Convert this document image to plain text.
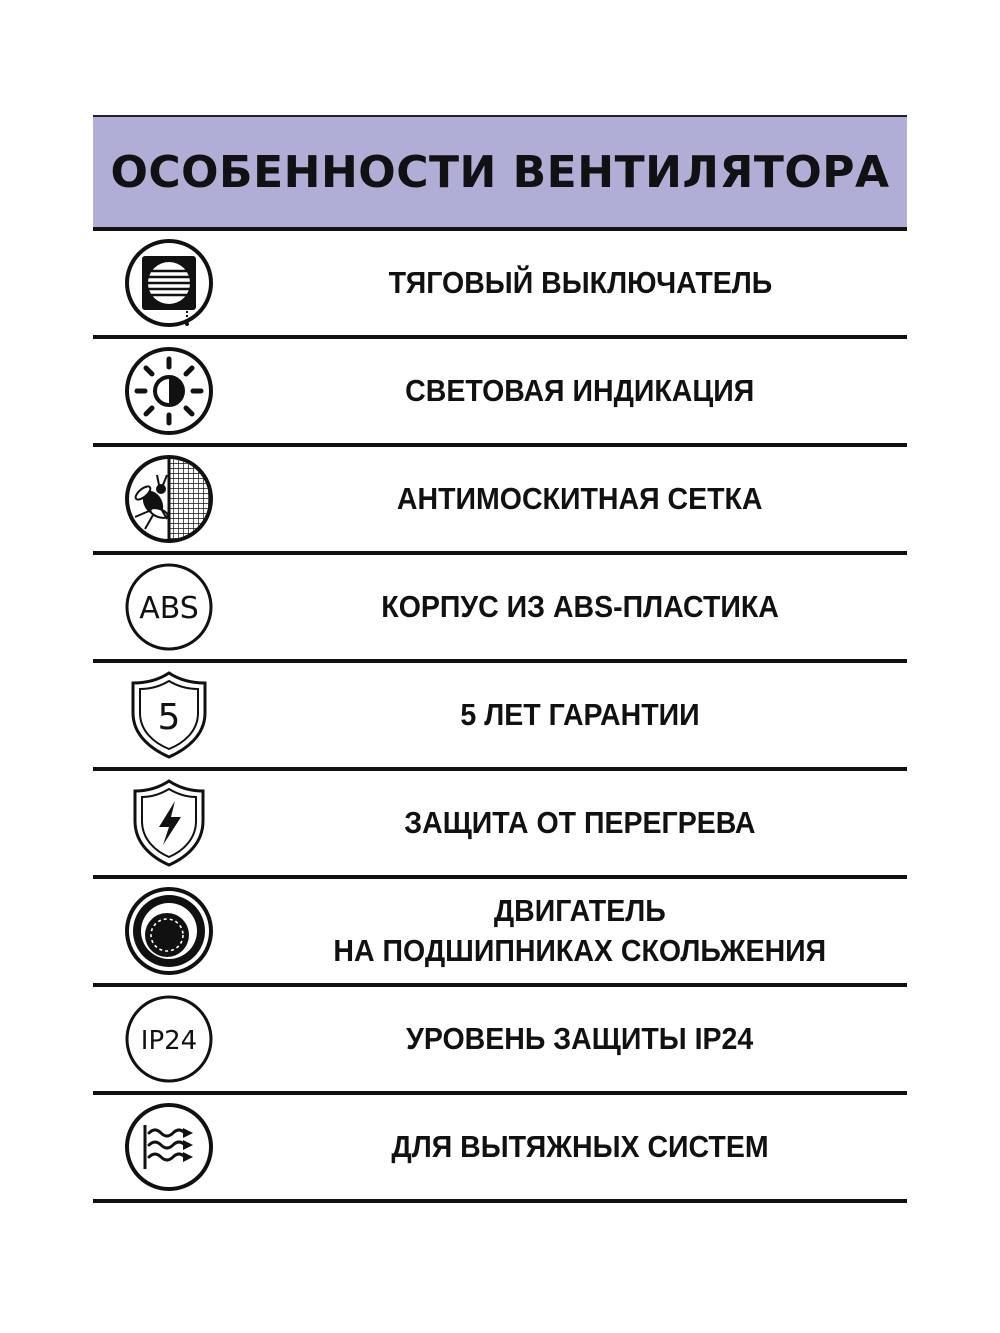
ОСОБЕННОСТИ ВЕНТИЛЯТОРА
ТЯГОВЫЙ ВЫКЛЮЧАТЕЛЬ
СВЕТОВАЯ ИНДИКАЦИЯ
АНТИМОСКИТНАЯ СЕТКА
ABS	КОРПУС ИЗ ABS-ПЛАСТИКА
5	5 ЛЕТ ГАРАНТИИ
ЗАЩИТА ОТ ПЕРЕГРЕВА
ДВИГАТЕЛЬ
НА ПОДШИПНИКАХ СКОЛЬЖЕНИЯ
IP24	УРОВЕНЬ ЗАЩИТЫ IP24
ДЛЯ ВЫТЯЖНЫХ СИСТЕМ
